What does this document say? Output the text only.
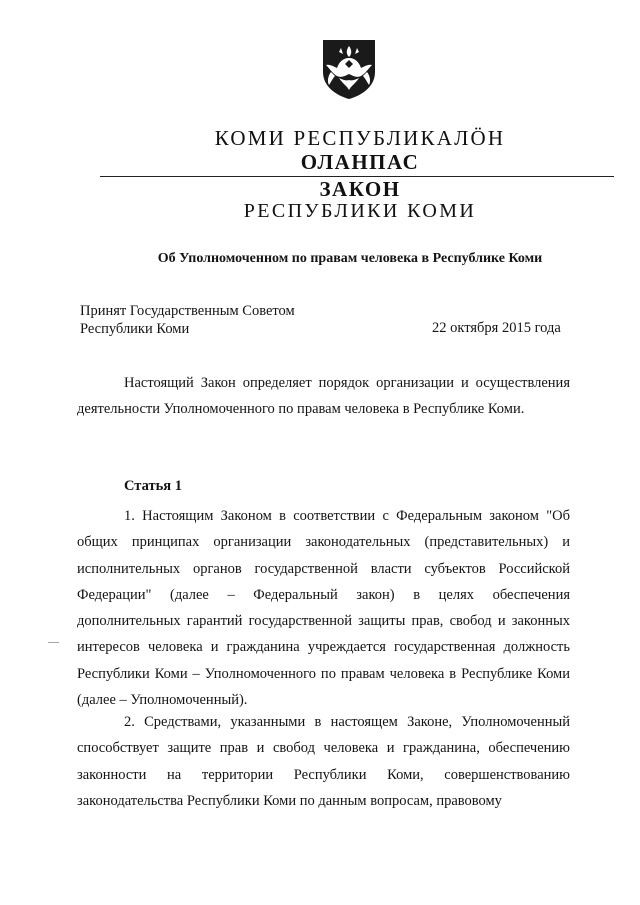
КОМИ РЕСПУБЛИКАЛӦН
ОЛАНПАС
ЗАКОН
РЕСПУБЛИКИ КОМИ
Об Уполномоченном по правам человека в Республике Коми
Принят Государственным Советом
Республики Коми	22 октября 2015 года

Настоящий Закон определяет порядок организации и осуществления деятельности Уполномоченного по правам человека в Республике Коми.

Статья 1

1. Настоящим Законом в соответствии с Федеральным законом "Об общих принципах организации законодательных (представительных) и исполнительных органов государственной власти субъектов Российской Федерации" (далее – Федеральный закон) в целях обеспечения дополнительных гарантий государственной защиты прав, свобод и законных интересов человека и гражданина учреждается государственная должность Республики Коми – Уполномоченного по правам человека в Республике Коми (далее – Уполномоченный).

2. Средствами, указанными в настоящем Законе, Уполномоченный способствует защите прав и свобод человека и гражданина, обеспечению законности на территории Республики Коми, совершенствованию законодательства Республики Коми по данным вопросам, правовому

—
